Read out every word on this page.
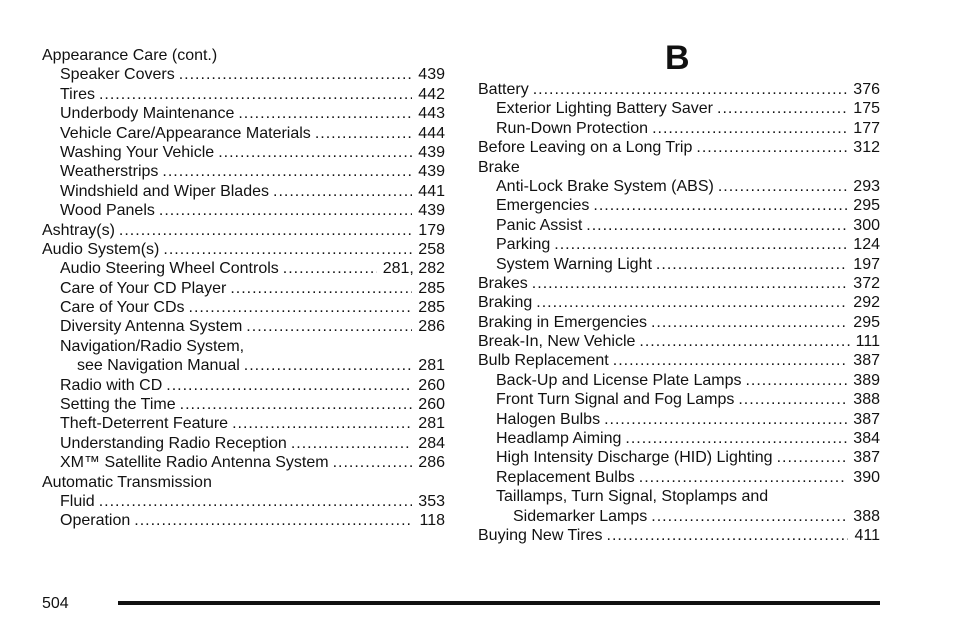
Appearance Care (cont.)
Speaker Covers .....	439
Tires .....	442
Underbody Maintenance .....	443
Vehicle Care/Appearance Materials .....	444
Washing Your Vehicle .....	439
Weatherstrips .....	439
Windshield and Wiper Blades .....	441
Wood Panels .....	439
Ashtray(s) .....	179
Audio System(s) .....	258
Audio Steering Wheel Controls .....	281, 282
Care of Your CD Player .....	285
Care of Your CDs .....	285
Diversity Antenna System .....	286
Navigation/Radio System,
see Navigation Manual .....	281
Radio with CD .....	260
Setting the Time .....	260
Theft-Deterrent Feature .....	281
Understanding Radio Reception .....	284
XM™ Satellite Radio Antenna System .....	286
Automatic Transmission
Fluid .....	353
Operation .....	118
B
Battery .....	376
Exterior Lighting Battery Saver .....	175
Run-Down Protection .....	177
Before Leaving on a Long Trip .....	312
Brake
Anti-Lock Brake System (ABS) .....	293
Emergencies .....	295
Panic Assist .....	300
Parking .....	124
System Warning Light .....	197
Brakes .....	372
Braking .....	292
Braking in Emergencies .....	295
Break-In, New Vehicle .....	111
Bulb Replacement .....	387
Back-Up and License Plate Lamps .....	389
Front Turn Signal and Fog Lamps .....	388
Halogen Bulbs .....	387
Headlamp Aiming .....	384
High Intensity Discharge (HID) Lighting .....	387
Replacement Bulbs .....	390
Taillamps, Turn Signal, Stoplamps and
Sidemarker Lamps .....	388
Buying New Tires .....	411
504
